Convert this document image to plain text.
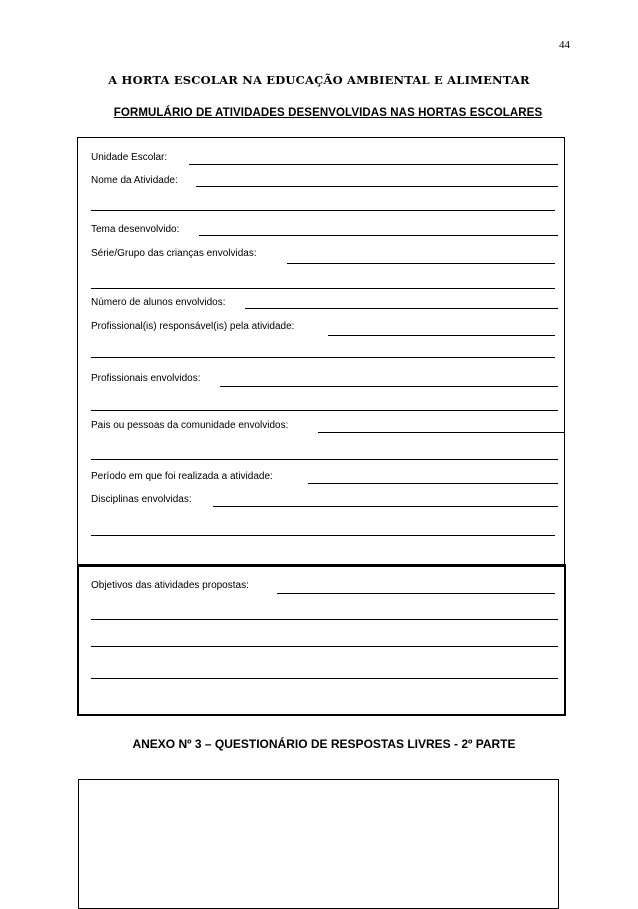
44
A HORTA ESCOLAR NA EDUCAÇÃO AMBIENTAL E ALIMENTAR
FORMULÁRIO DE ATIVIDADES DESENVOLVIDAS NAS HORTAS ESCOLARES
Unidade Escolar:
Nome da Atividade:
Tema desenvolvido:
Série/Grupo das crianças envolvidas:
Número de alunos envolvidos:
Profissional(is) responsável(is) pela atividade:
Profissionais envolvidos:
Pais ou pessoas da comunidade envolvidos:
Período em que foi realizada a atividade:
Disciplinas envolvidas:
Objetivos das atividades propostas:
ANEXO Nº 3 – QUESTIONÁRIO DE RESPOSTAS LIVRES - 2º PARTE
